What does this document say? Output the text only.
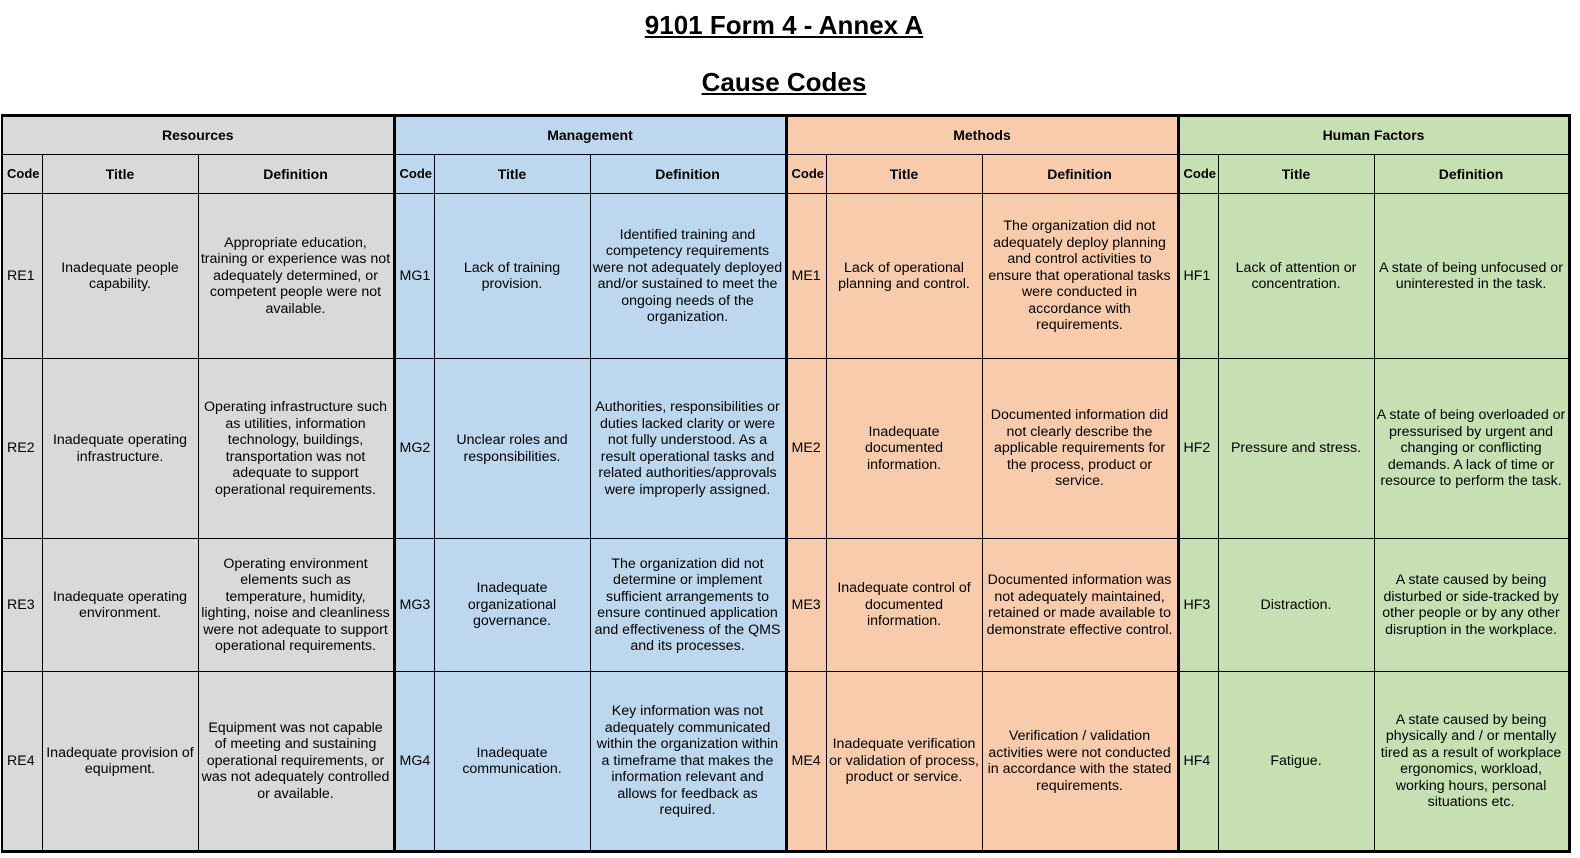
9101 Form 4 - Annex A
Cause Codes
Resources			Management			Methods			Human Factors		
Code	Title	Definition	Code	Title	Definition	Code	Title	Definition	Code	Title	Definition
RE1	Inadequate people capability.	Appropriate education, training or experience was not adequately determined, or competent people were not available.	MG1	Lack of training provision.	Identified training and competency requirements were not adequately deployed and/or sustained to meet the ongoing needs of the organization.	ME1	Lack of operational planning and control.	The organization did not adequately deploy planning and control activities to ensure that operational tasks were conducted in accordance with requirements.	HF1	Lack of attention or concentration.	A state of being unfocused or uninterested in the task.
RE2	Inadequate operating infrastructure.	Operating infrastructure such as utilities, information technology, buildings, transportation was not adequate to support operational requirements.	MG2	Unclear roles and responsibilities.	Authorities, responsibilities or duties lacked clarity or were not fully understood. As a result operational tasks and related authorities/approvals were improperly assigned.	ME2	Inadequate documented information.	Documented information did not clearly describe the applicable requirements for the process, product or service.	HF2	Pressure and stress.	A state of being overloaded or pressurised by urgent and changing or conflicting demands. A lack of time or resource to perform the task.
RE3	Inadequate operating environment.	Operating environment elements such as temperature, humidity, lighting, noise and cleanliness were not adequate to support operational requirements.	MG3	Inadequate organizational governance.	The organization did not determine or implement sufficient arrangements to ensure continued application and effectiveness of the QMS and its processes.	ME3	Inadequate control of documented information.	Documented information was not adequately maintained, retained or made available to demonstrate effective control.	HF3	Distraction.	A state caused by being disturbed or side-tracked by other people or by any other disruption in the workplace.
RE4	Inadequate provision of equipment.	Equipment was not capable of meeting and sustaining operational requirements, or was not adequately controlled or available.	MG4	Inadequate communication.	Key information was not adequately communicated within the organization within a timeframe that makes the information relevant and allows for feedback as required.	ME4	Inadequate verification or validation of process, product or service.	Verification / validation activities were not conducted in accordance with the stated requirements.	HF4	Fatigue.	A state caused by being physically and / or mentally tired as a result of workplace ergonomics, workload, working hours, personal situations etc.
